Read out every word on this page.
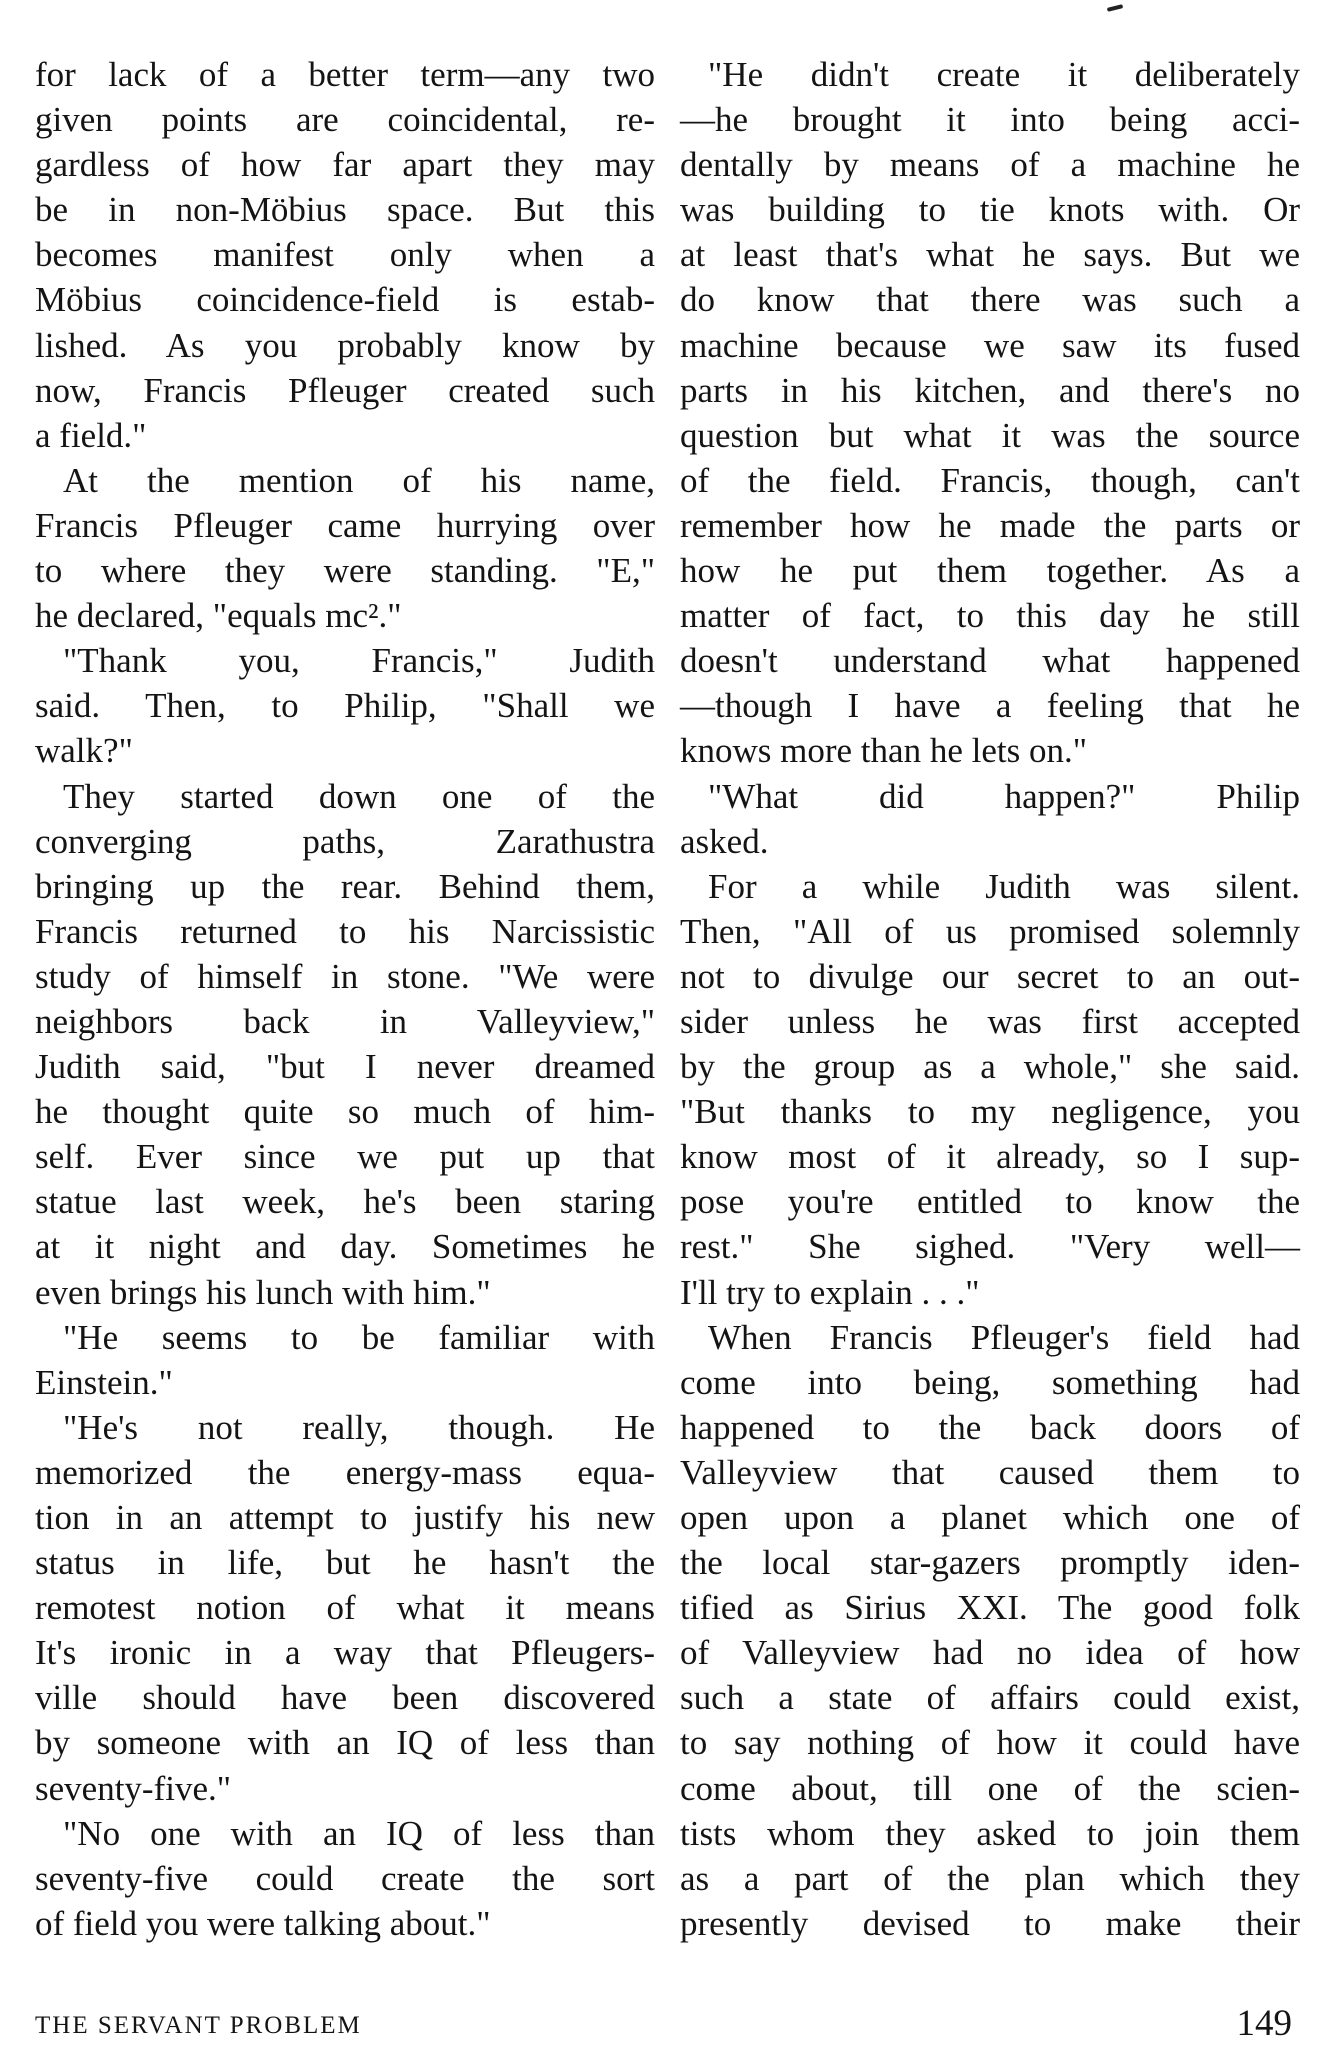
for lack of a better term—any two
given points are coincidental, re-
gardless of how far apart they may
be in non-Möbius space. But this
becomes manifest only when a
Möbius coincidence-field is estab-
lished. As you probably know by
now, Francis Pfleuger created such
a field."
At the mention of his name,
Francis Pfleuger came hurrying over
to where they were standing. "E,"
he declared, "equals mc²."
"Thank you, Francis," Judith
said. Then, to Philip, "Shall we
walk?"
They started down one of the
converging paths, Zarathustra
bringing up the rear. Behind them,
Francis returned to his Narcissistic
study of himself in stone. "We were
neighbors back in Valleyview,"
Judith said, "but I never dreamed
he thought quite so much of him-
self. Ever since we put up that
statue last week, he's been staring
at it night and day. Sometimes he
even brings his lunch with him."
"He seems to be familiar with
Einstein."
"He's not really, though. He
memorized the energy-mass equa-
tion in an attempt to justify his new
status in life, but he hasn't the
remotest notion of what it means
It's ironic in a way that Pfleugers-
ville should have been discovered
by someone with an IQ of less than
seventy-five."
"No one with an IQ of less than
seventy-five could create the sort
of field you were talking about."
"He didn't create it deliberately
—he brought it into being acci-
dentally by means of a machine he
was building to tie knots with. Or
at least that's what he says. But we
do know that there was such a
machine because we saw its fused
parts in his kitchen, and there's no
question but what it was the source
of the field. Francis, though, can't
remember how he made the parts or
how he put them together. As a
matter of fact, to this day he still
doesn't understand what happened
—though I have a feeling that he
knows more than he lets on."
"What did happen?" Philip
asked.
For a while Judith was silent.
Then, "All of us promised solemnly
not to divulge our secret to an out-
sider unless he was first accepted
by the group as a whole," she said.
"But thanks to my negligence, you
know most of it already, so I sup-
pose you're entitled to know the
rest." She sighed. "Very well—
I'll try to explain . . ."
When Francis Pfleuger's field had
come into being, something had
happened to the back doors of
Valleyview that caused them to
open upon a planet which one of
the local star-gazers promptly iden-
tified as Sirius XXI. The good folk
of Valleyview had no idea of how
such a state of affairs could exist,
to say nothing of how it could have
come about, till one of the scien-
tists whom they asked to join them
as a part of the plan which they
presently devised to make their
THE SERVANT PROBLEM	149
